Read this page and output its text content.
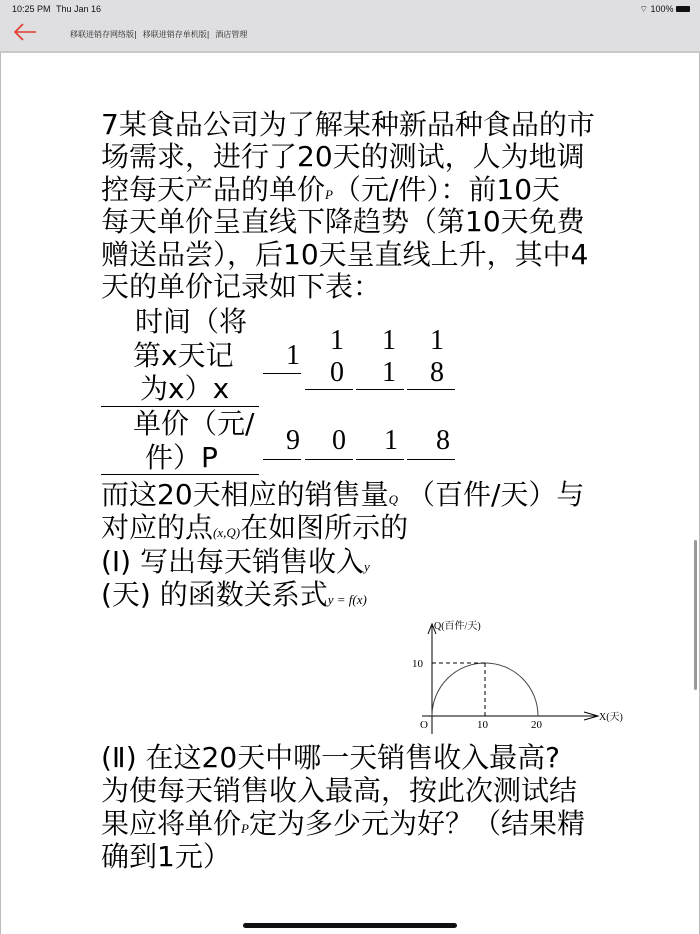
10:25 PM Thu Jan 16	⌔ 100%
移联进销存网络版| 移联进销存单机版| 酒店管理
7某食品公司为了解某种新品种食品的市
场需求，进行了20天的测试，人为地调
控每天产品的单价P（元/件）：前10天
每天单价呈直线下降趋势（第10天免费
赠送品尝），后10天呈直线上升，其中4
天的单价记录如下表：
时间（将
第x天记
为x）x
单价（元/
件）P
1 10
11
18
9 0 1 8
而这20天相应的销售量Q （百件/天）与
对应的点(x,Q)在如图所示的
(Ⅰ) 写出每天销售收入y
(天) 的函数关系式y = f(x)
Q(百件/天)
X(天)
O
10
10	20
(Ⅱ) 在这20天中哪一天销售收入最高?
为使每天销售收入最高，按此次测试结
果应将单价P定为多少元为好？（结果精
确到1元）
